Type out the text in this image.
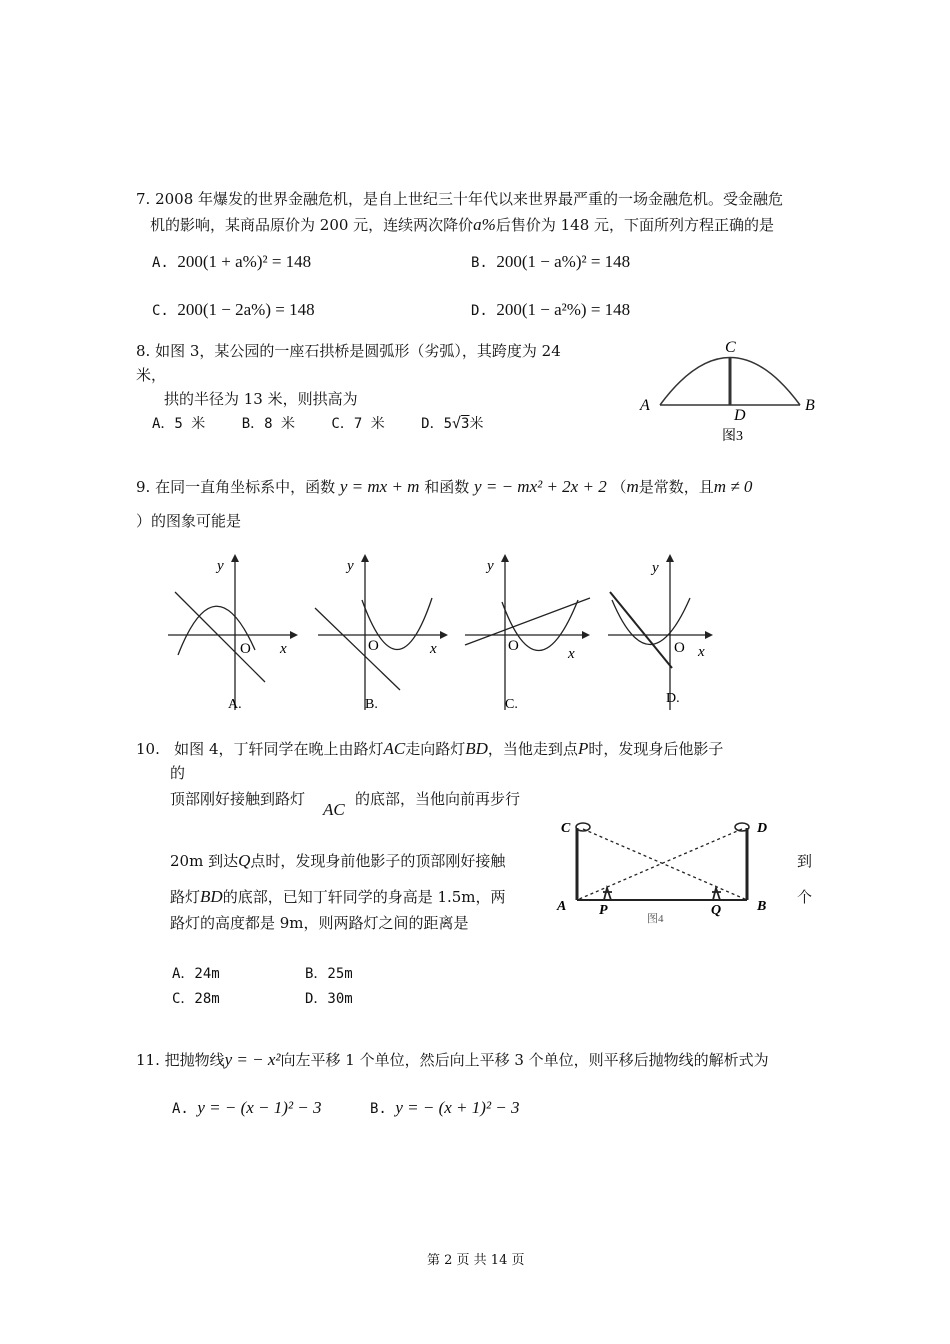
7. 2008 年爆发的世界金融危机，是自上世纪三十年代以来世界最严重的一场金融危机。受金融危
机的影响，某商品原价为 200 元，连续两次降价a%后售价为 148 元，下面所列方程正确的是
A. 200(1 + a%)² = 148	B. 200(1 − a%)² = 148
C. 200(1 − 2a%) = 148	D. 200(1 − a²%) = 148
8. 如图 3，某公园的一座石拱桥是圆弧形（劣弧），其跨度为 24
米，
拱的半径为 13 米，则拱高为
A．5 米　　 B．8 米　　 C．7 米　　 D．5√3米
C
A
D
B
图3
9. 在同一直角坐标系中，函数 y = mx + m 和函数 y = − mx² + 2x + 2 （m是常数，且m ≠ 0
）的图象可能是
y
x
O
A.
y
x
O
B.
y
x
O
C.
y
x
O
D.
10. 如图 4，丁轩同学在晚上由路灯AC走向路灯BD，当他走到点P时，发现身后他影子
的
顶部刚好接触到路灯
AC
的底部，当他向前再步行
20m 到达Q点时，发现身前他影子的顶部刚好接触	到
路灯BD的底部，已知丁轩同学的身高是 1.5m，两	个
路灯的高度都是 9m，则两路灯之间的距离是
C	D
A	B
P	Q
图4
A．24m	B．25m
C．28m	D．30m
11. 把抛物线y = − x²向左平移 1 个单位，然后向上平移 3 个单位，则平移后抛物线的解析式为
A. y = − (x − 1)² − 3	B. y = − (x + 1)² − 3
第 2 页 共 14 页
